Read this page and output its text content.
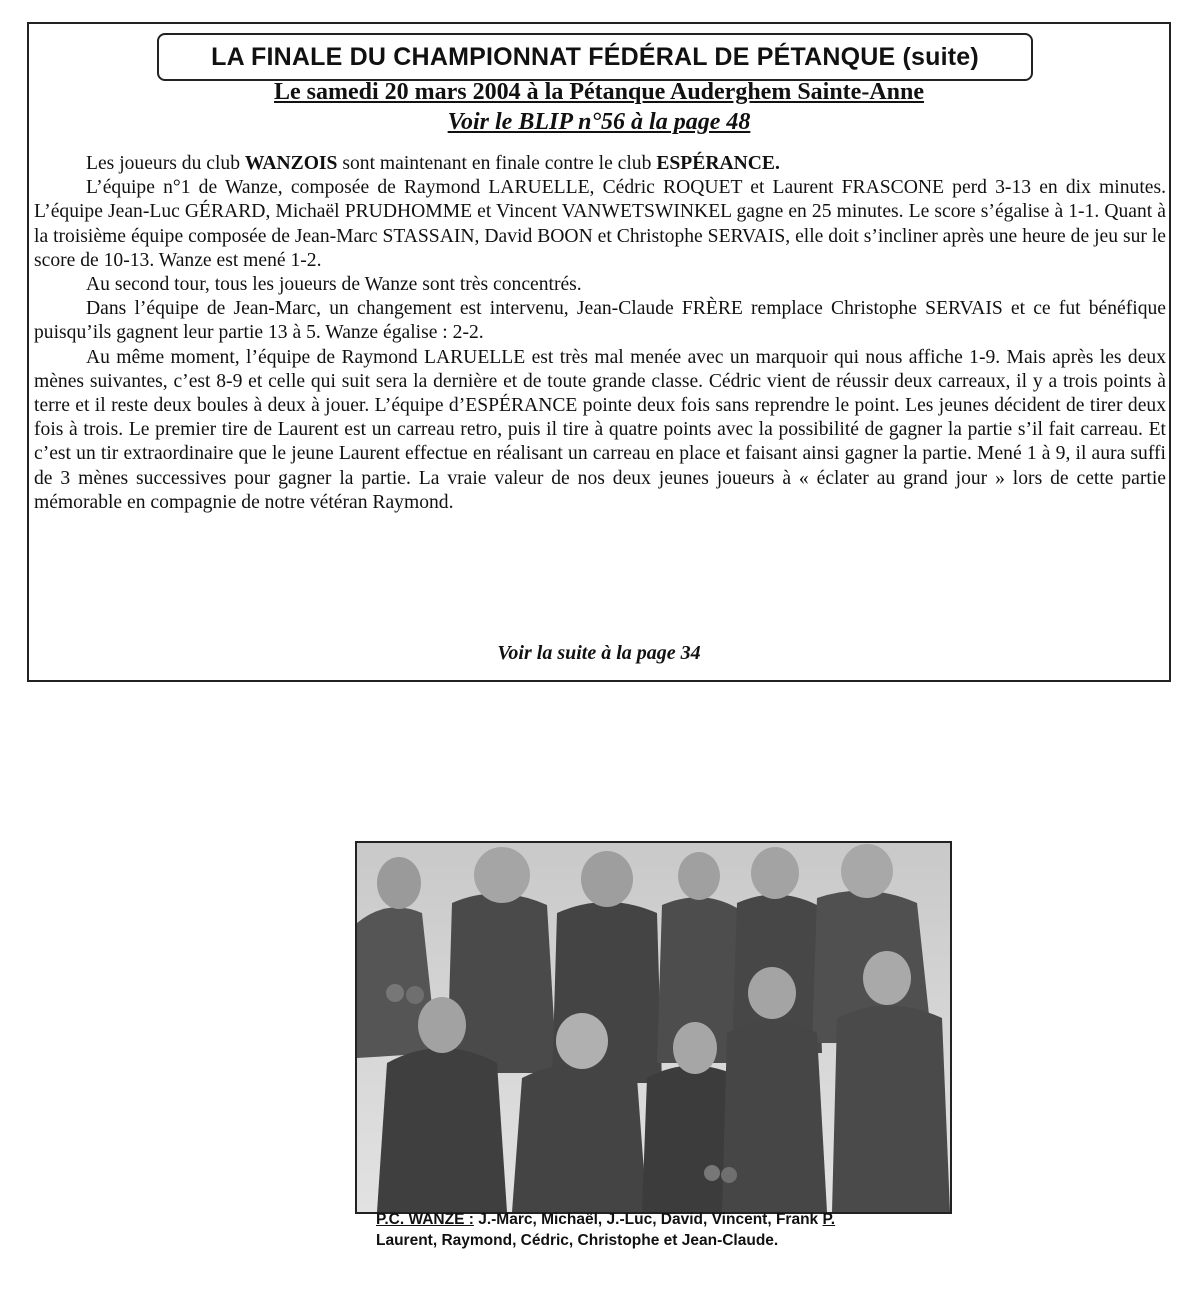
LA FINALE DU CHAMPIONNAT FÉDÉRAL DE PÉTANQUE (suite)
Le samedi 20 mars 2004 à la Pétanque Auderghem Sainte-Anne
Voir le BLIP n°56 à la page 48

Les joueurs du club WANZOIS sont maintenant en finale contre le club ESPÉRANCE.

L’équipe n°1 de Wanze, composée de Raymond LARUELLE, Cédric ROQUET et Laurent FRASCONE perd 3-13 en dix minutes. L’équipe Jean-Luc GÉRARD, Michaël PRUDHOMME et Vincent VANWETSWINKEL gagne en 25 minutes. Le score s’égalise à 1-1. Quant à la troisième équipe composée de Jean-Marc STASSAIN, David BOON et Christophe SERVAIS, elle doit s’incliner après une heure de jeu sur le score de 10-13. Wanze est mené 1-2.

Au second tour, tous les joueurs de Wanze sont très concentrés.

Dans l’équipe de Jean-Marc, un changement est intervenu, Jean-Claude FRÈRE remplace Christophe SERVAIS et ce fut bénéfique puisqu’ils gagnent leur partie 13 à 5. Wanze égalise : 2-2.

Au même moment, l’équipe de Raymond LARUELLE est très mal menée avec un marquoir qui nous affiche 1-9. Mais après les deux mènes suivantes, c’est 8-9 et celle qui suit sera la dernière et de toute grande classe. Cédric vient de réussir deux carreaux, il y a trois points à terre et il reste deux boules à deux à jouer. L’équipe d’ESPÉRANCE pointe deux fois sans reprendre le point. Les jeunes décident de tirer deux fois à trois. Le premier tire de Laurent est un carreau retro, puis il tire à quatre points avec la possibilité de gagner la partie s’il fait carreau. Et c’est un tir extraordinaire que le jeune Laurent effectue en réalisant un carreau en place et faisant ainsi gagner la partie. Mené 1 à 9, il aura suffi de 3 mènes successives pour gagner la partie. La vraie valeur de nos deux jeunes joueurs à « éclater au grand jour » lors de cette partie mémorable en compagnie de notre vétéran Raymond.

Voir la suite à la page 34
P.C. WANZE : J.-Marc, Michaël, J.-Luc, David, Vincent, Frank P.
Laurent, Raymond, Cédric, Christophe et Jean-Claude.
